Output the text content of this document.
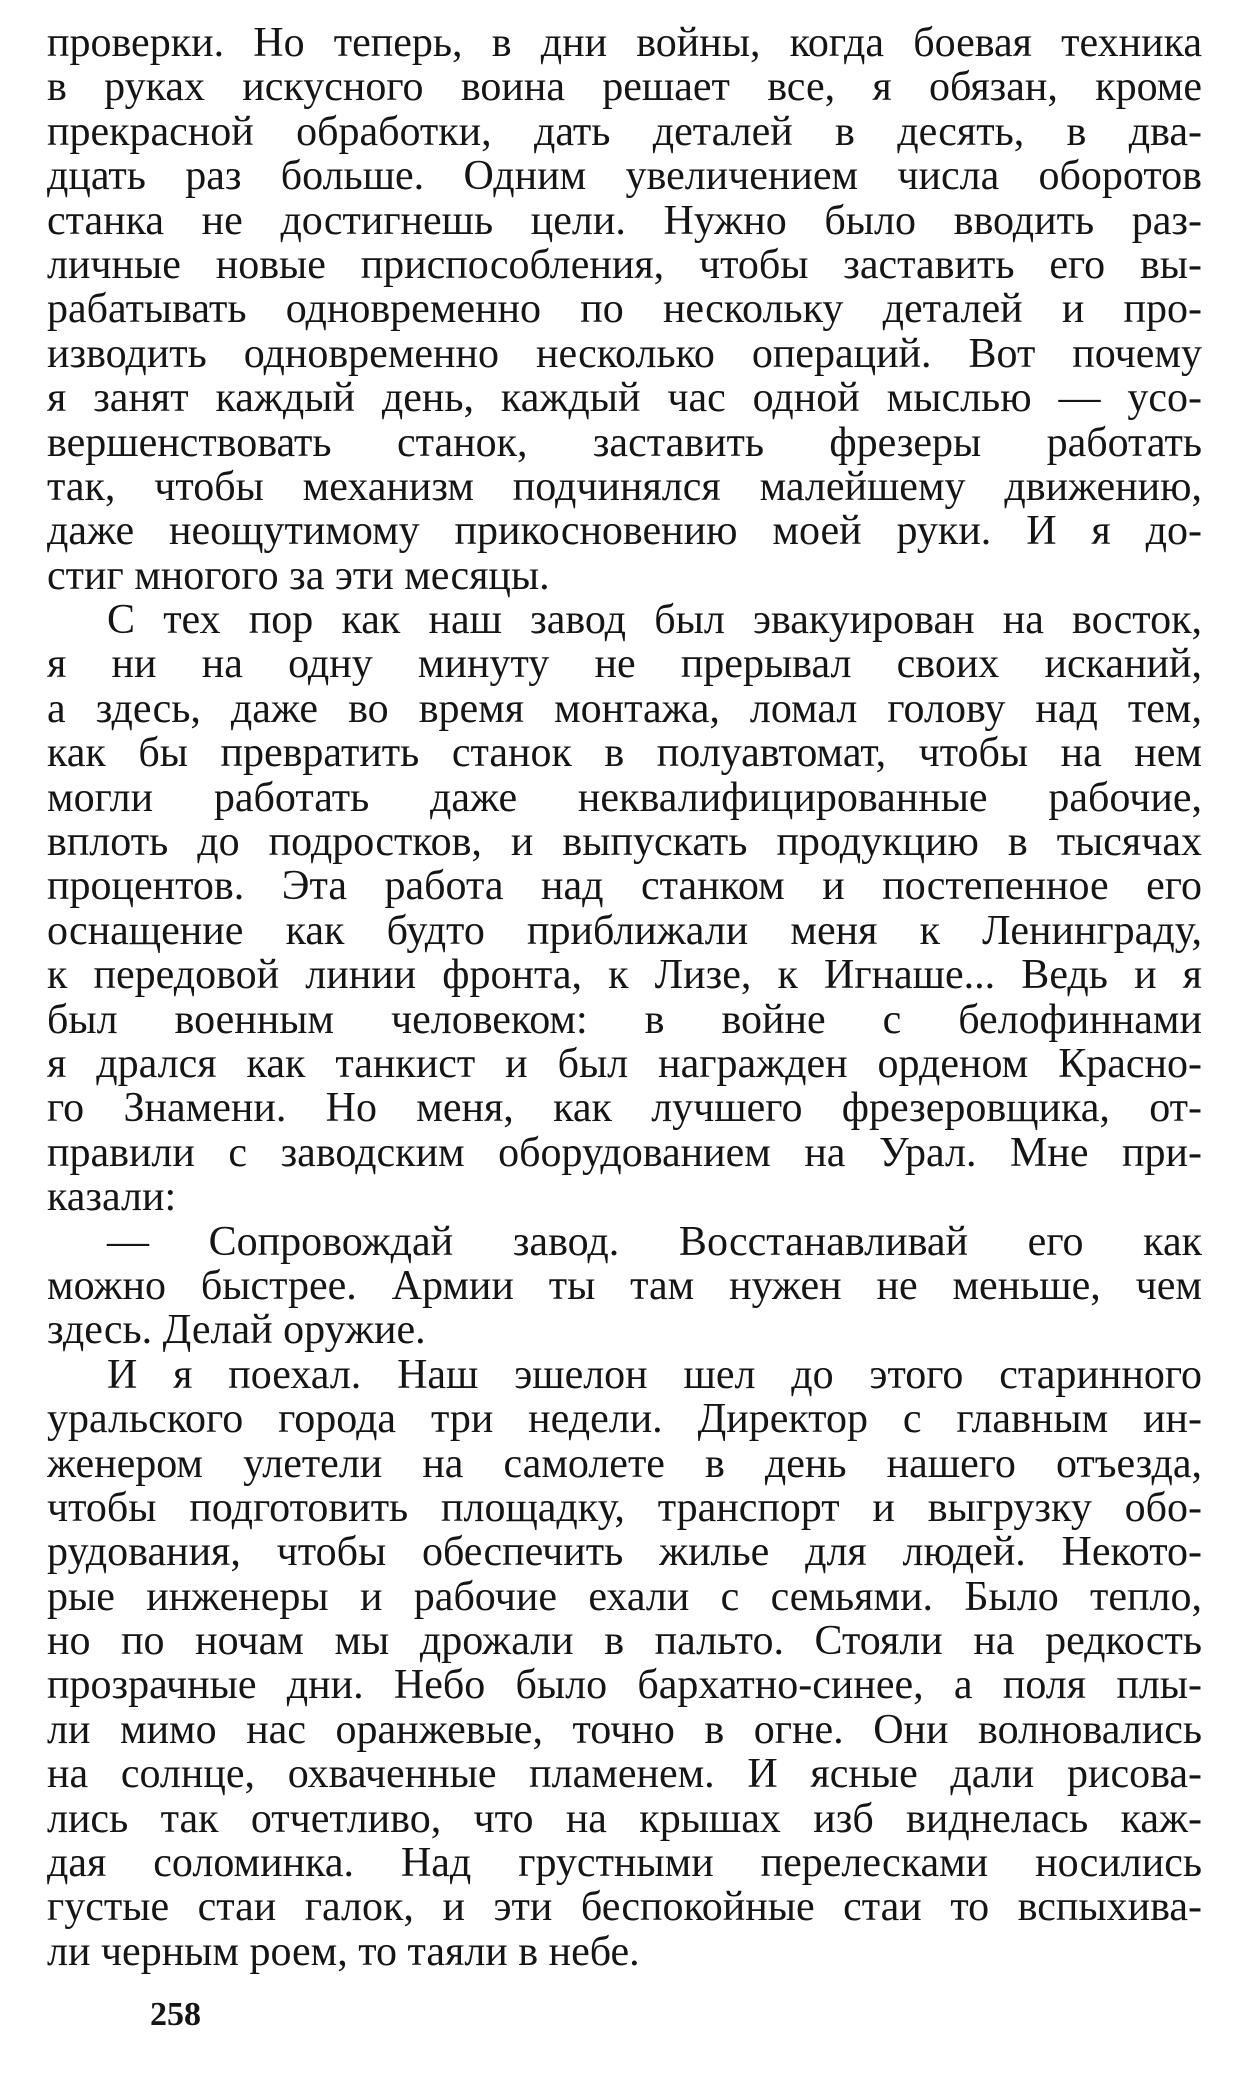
проверки. Но теперь, в дни войны, когда боевая техника
в руках искусного воина решает все, я обязан, кроме
прекрасной обработки, дать деталей в десять, в два-
дцать раз больше. Одним увеличением числа оборотов
станка не достигнешь цели. Нужно было вводить раз-
личные новые приспособления, чтобы заставить его вы-
рабатывать одновременно по нескольку деталей и про-
изводить одновременно несколько операций. Вот почему
я занят каждый день, каждый час одной мыслью — усо-
вершенствовать станок, заставить фрезеры работать
так, чтобы механизм подчинялся малейшему движению,
даже неощутимому прикосновению моей руки. И я до-
стиг многого за эти месяцы.
С тех пор как наш завод был эвакуирован на восток,
я ни на одну минуту не прерывал своих исканий,
а здесь, даже во время монтажа, ломал голову над тем,
как бы превратить станок в полуавтомат, чтобы на нем
могли работать даже неквалифицированные рабочие,
вплоть до подростков, и выпускать продукцию в тысячах
процентов. Эта работа над станком и постепенное его
оснащение как будто приближали меня к Ленинграду,
к передовой линии фронта, к Лизе, к Игнаше... Ведь и я
был военным человеком: в войне с белофиннами
я дрался как танкист и был награжден орденом Красно-
го Знамени. Но меня, как лучшего фрезеровщика, от-
правили с заводским оборудованием на Урал. Мне при-
казали:
— Сопровождай завод. Восстанавливай его как
можно быстрее. Армии ты там нужен не меньше, чем
здесь. Делай оружие.
И я поехал. Наш эшелон шел до этого старинного
уральского города три недели. Директор с главным ин-
женером улетели на самолете в день нашего отъезда,
чтобы подготовить площадку, транспорт и выгрузку обо-
рудования, чтобы обеспечить жилье для людей. Некото-
рые инженеры и рабочие ехали с семьями. Было тепло,
но по ночам мы дрожали в пальто. Стояли на редкость
прозрачные дни. Небо было бархатно-синее, а поля плы-
ли мимо нас оранжевые, точно в огне. Они волновались
на солнце, охваченные пламенем. И ясные дали рисова-
лись так отчетливо, что на крышах изб виднелась каж-
дая соломинка. Над грустными перелесками носились
густые стаи галок, и эти беспокойные стаи то вспыхива-
ли черным роем, то таяли в небе.
258
